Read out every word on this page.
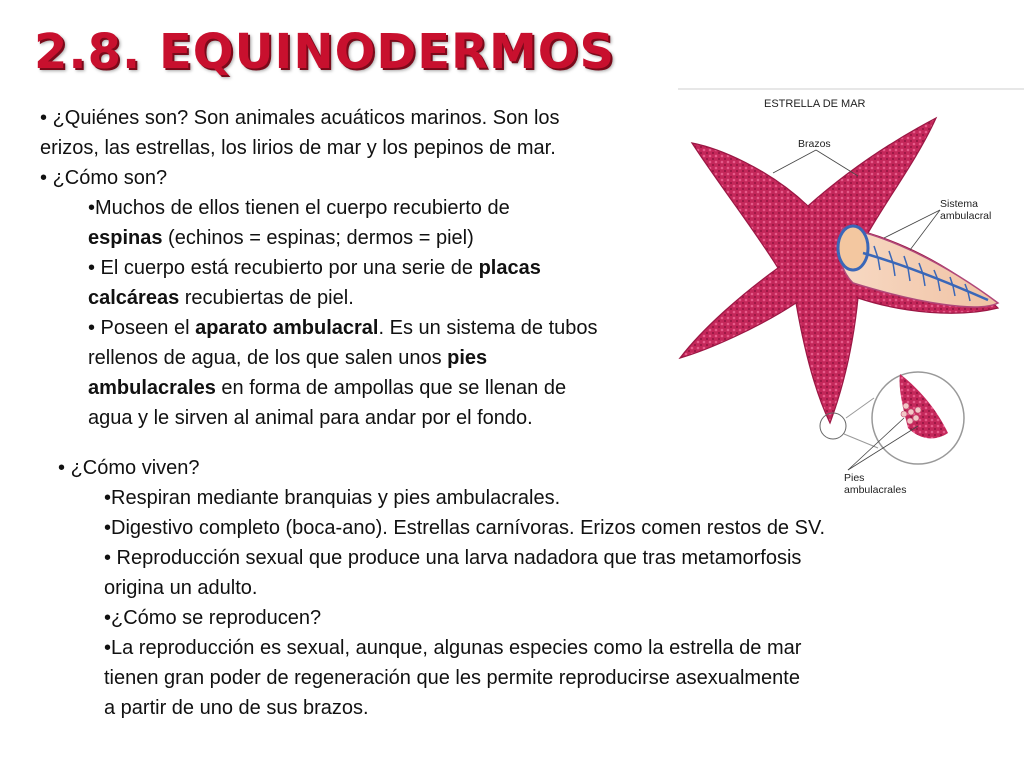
2.8. EQUINODERMOS
• ¿Quiénes son? Son animales acuáticos marinos. Son los
erizos, las estrellas, los lirios de mar y los pepinos de mar.
• ¿Cómo son?
•Muchos de ellos tienen el cuerpo recubierto de
espinas (echinos = espinas; dermos = piel)
• El cuerpo está recubierto por una serie de placas
calcáreas recubiertas de piel.
• Poseen el aparato ambulacral. Es un sistema de tubos
rellenos de agua, de los que salen unos pies
ambulacrales en forma de ampollas que se llenan de
agua y le sirven al animal para andar por el fondo.
• ¿Cómo viven?
•Respiran mediante branquias y pies ambulacrales.
•Digestivo completo (boca-ano). Estrellas carnívoras. Erizos comen restos de SV.
• Reproducción sexual que produce una larva nadadora que tras metamorfosis
origina un adulto.
•¿Cómo se reproducen?
•La reproducción es sexual, aunque, algunas especies como la estrella de mar
tienen gran poder de regeneración que les permite reproducirse asexualmente
a partir de uno de sus brazos.
ESTRELLA DE MAR
Brazos
Sistema
ambulacral
Pies
ambulacrales
